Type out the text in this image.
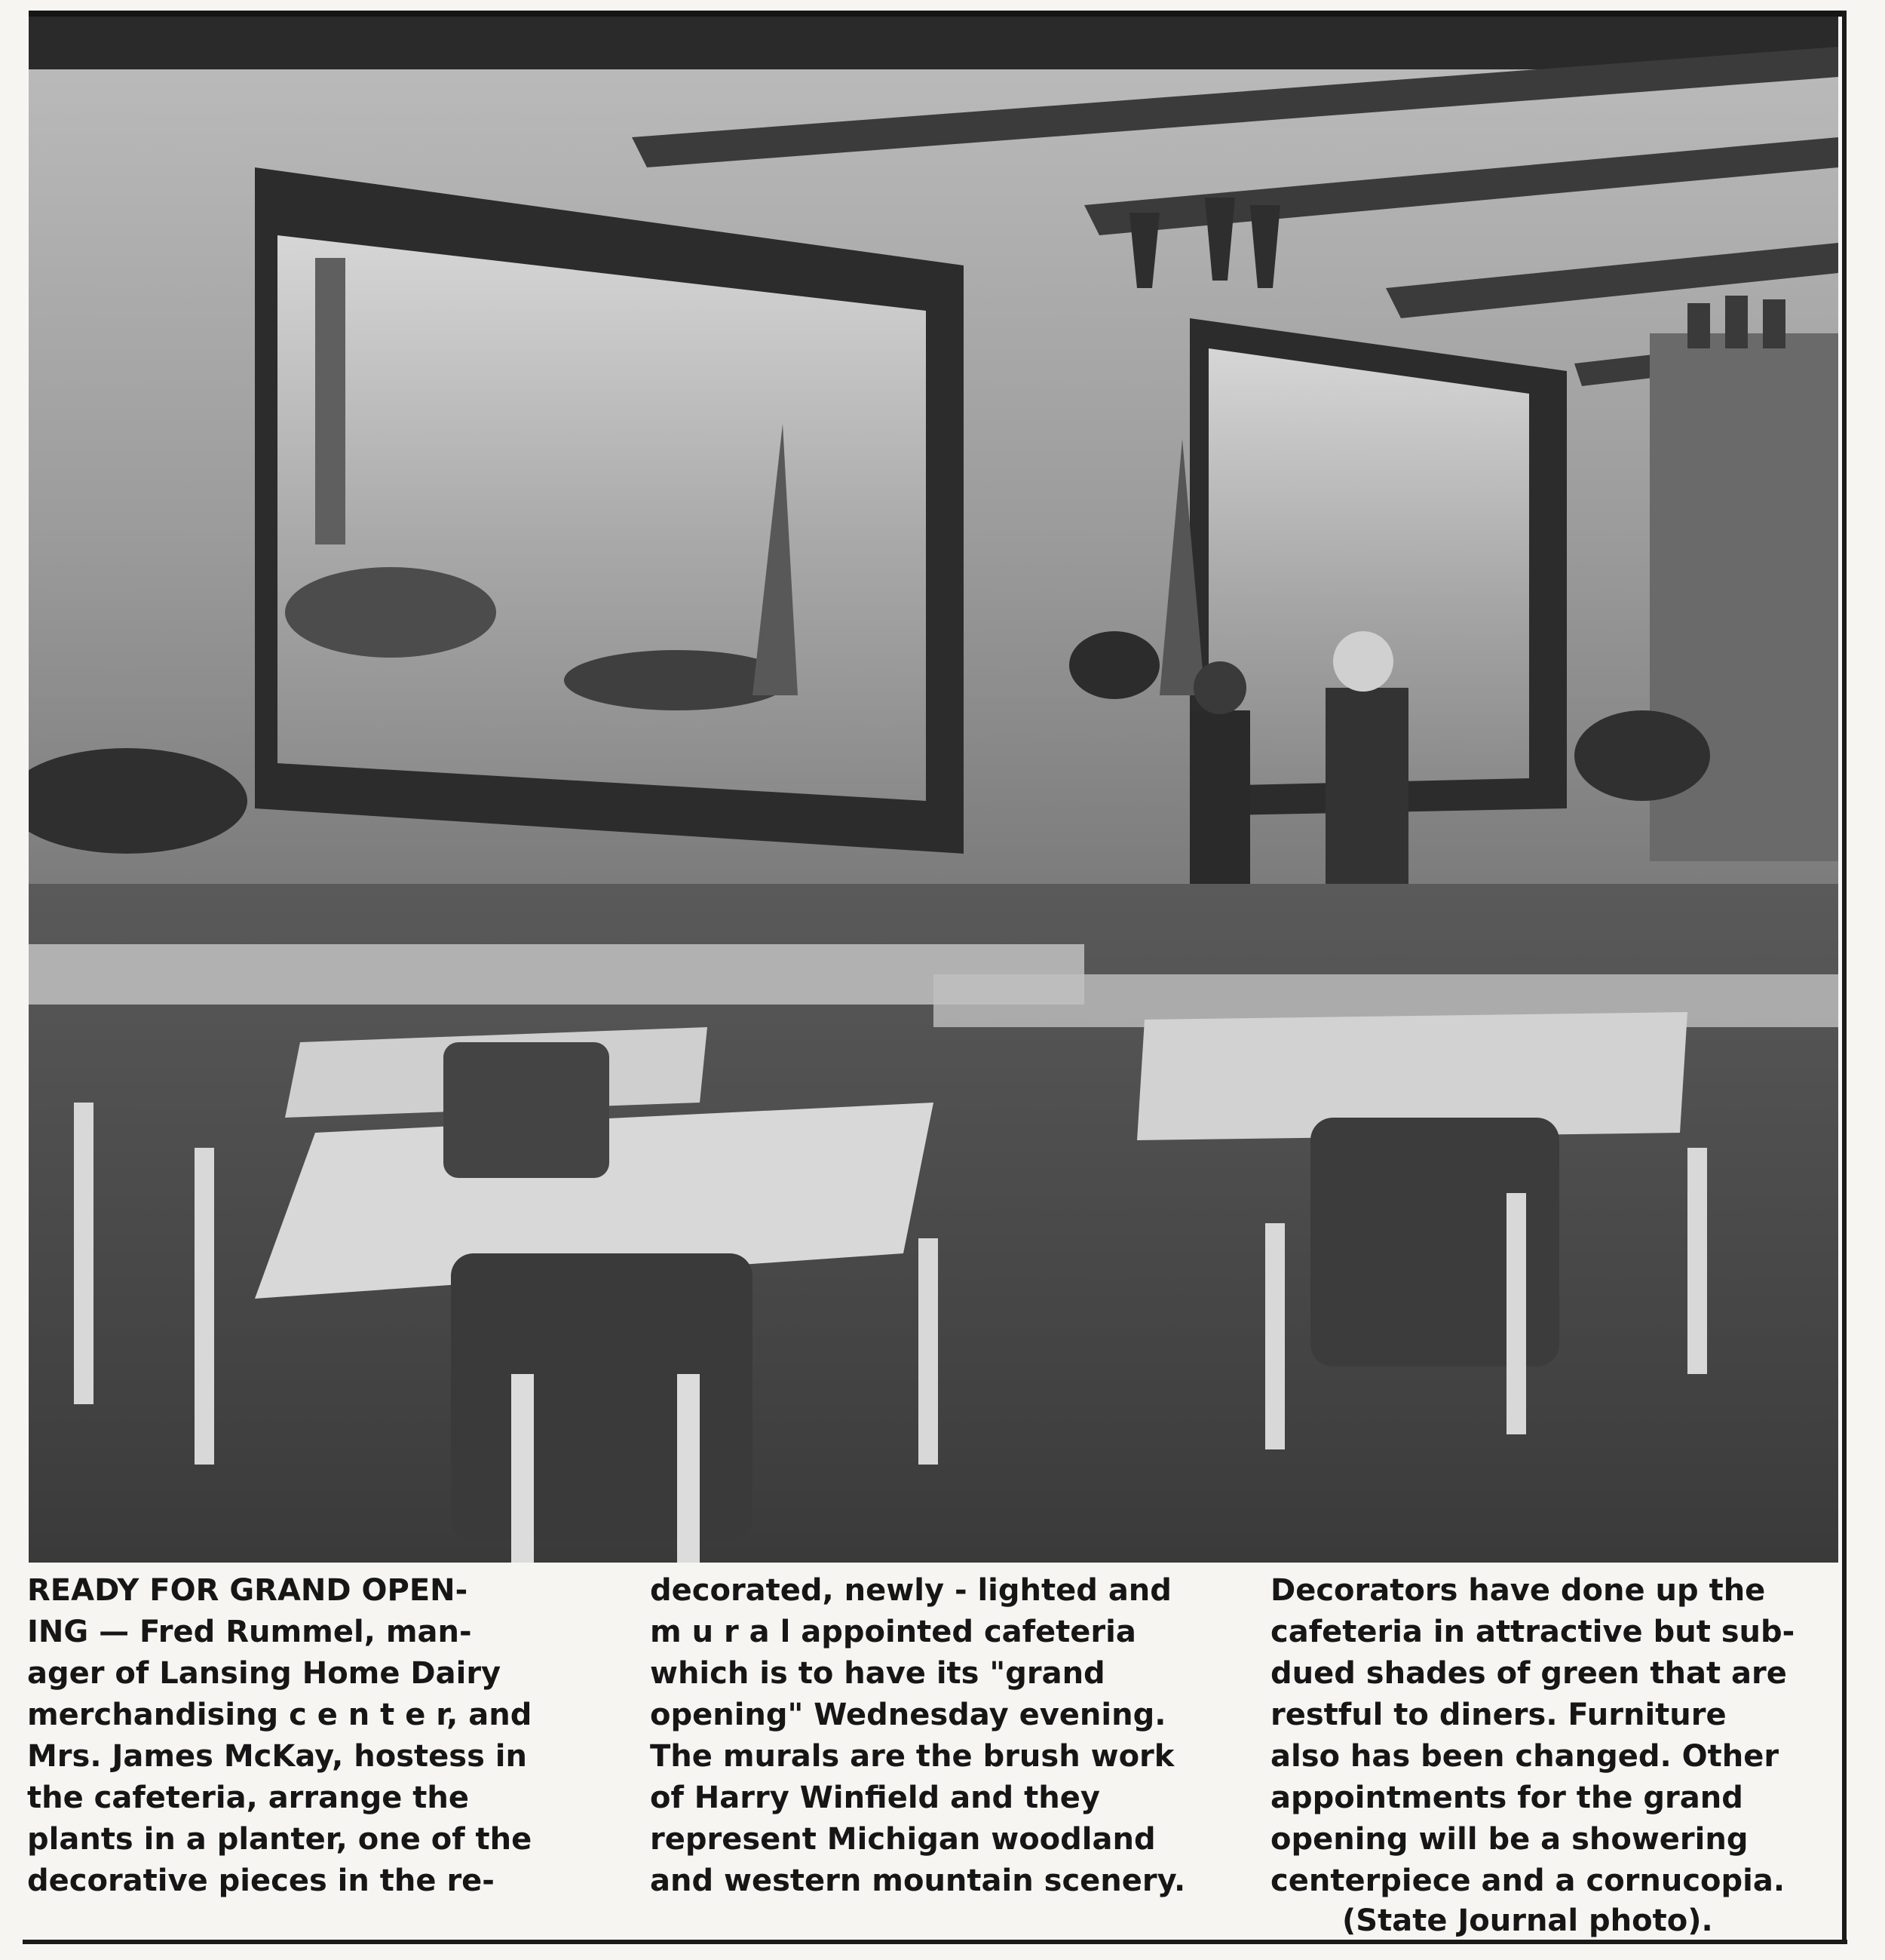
READY FOR GRAND OPEN-
ING — Fred Rummel, man-
ager of Lansing Home Dairy
merchandising c e n t e r, and
Mrs. James McKay, hostess in
the cafeteria, arrange the
plants in a planter, one of the
decorative pieces in the re-
decorated, newly - lighted and
m u r a l appointed cafeteria
which is to have its "grand
opening" Wednesday evening.
The murals are the brush work
of Harry Winfield and they
represent Michigan woodland
and western mountain scenery.
Decorators have done up the
cafeteria in attractive but sub-
dued shades of green that are
restful to diners. Furniture
also has been changed. Other
appointments for the grand
opening will be a showering
centerpiece and a cornucopia.
(State Journal photo).
